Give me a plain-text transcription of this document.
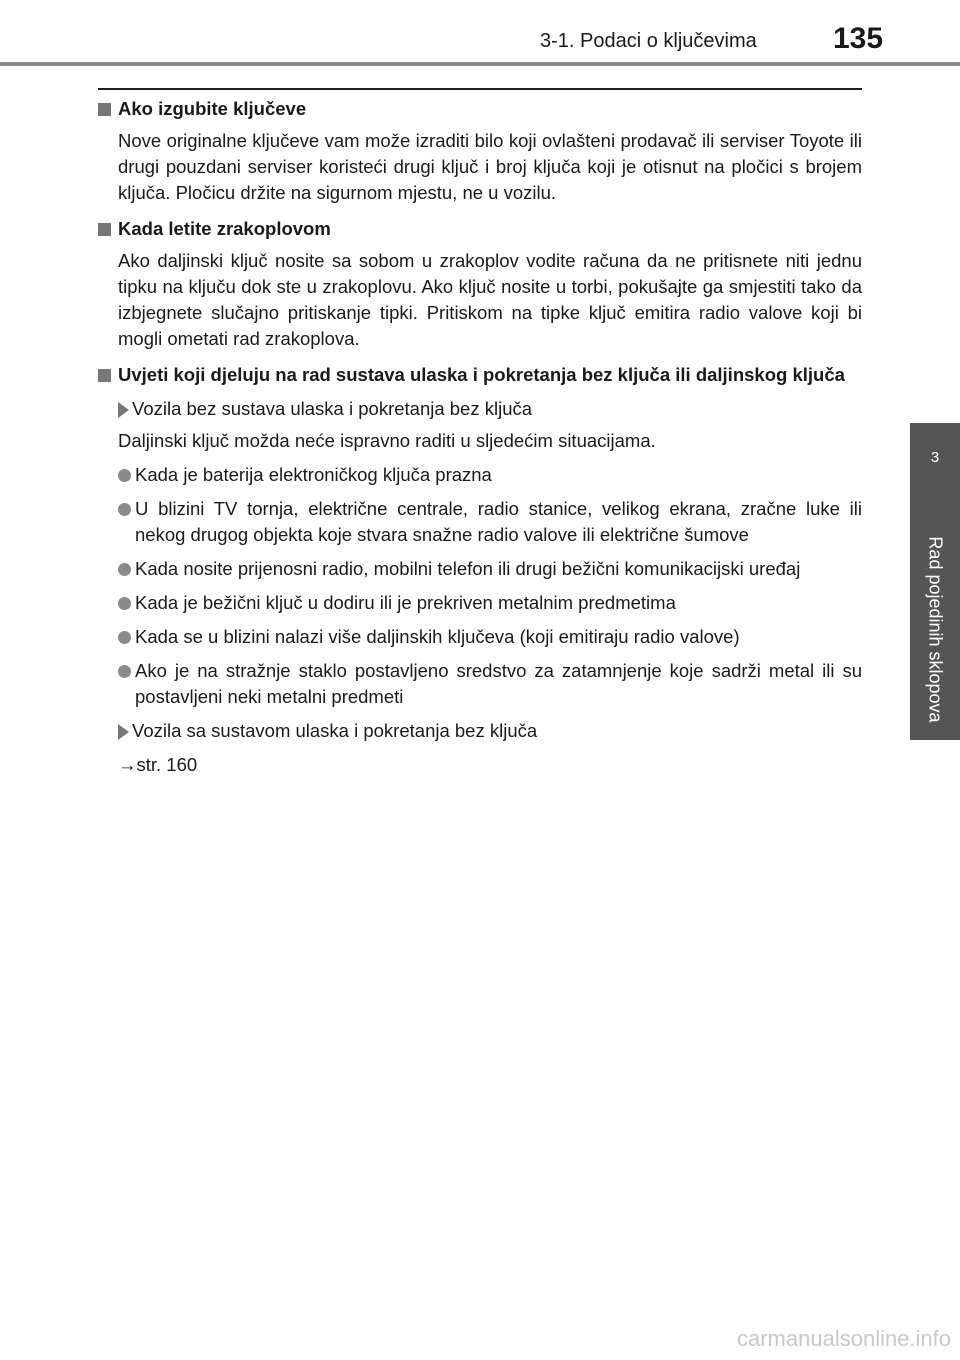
3-1. Podaci o ključevima	135
3
Rad pojedinih sklopova
Ako izgubite ključeve
Nove originalne ključeve vam može izraditi bilo koji ovlašteni prodavač ili serviser Toyote ili drugi pouzdani serviser koristeći drugi ključ i broj ključa koji je otisnut na pločici s brojem ključa. Pločicu držite na sigurnom mjestu, ne u vozilu.
Kada letite zrakoplovom
Ako daljinski ključ nosite sa sobom u zrakoplov vodite računa da ne pritisnete niti jednu tipku na ključu dok ste u zrakoplovu. Ako ključ nosite u torbi, pokušajte ga smjestiti tako da izbjegnete slučajno pritiskanje tipki. Pritiskom na tipke ključ emitira radio valove koji bi mogli ometati rad zrakoplova.
Uvjeti koji djeluju na rad sustava ulaska i pokretanja bez ključa ili daljinskog ključa
Vozila bez sustava ulaska i pokretanja bez ključa
Daljinski ključ možda neće ispravno raditi u sljedećim situacijama.
Kada je baterija elektroničkog ključa prazna
U blizini TV tornja, električne centrale, radio stanice, velikog ekrana, zračne luke ili nekog drugog objekta koje stvara snažne radio valove ili električne šumove
Kada nosite prijenosni radio, mobilni telefon ili drugi bežični komunikacijski uređaj
Kada je bežični ključ u dodiru ili je prekriven metalnim predmetima
Kada se u blizini nalazi više daljinskih ključeva (koji emitiraju radio valove)
Ako je na stražnje staklo postavljeno sredstvo za zatamnjenje koje sadrži metal ili su postavljeni neki metalni predmeti
Vozila sa sustavom ulaska i pokretanja bez ključa
→str. 160
carmanualsonline.info
